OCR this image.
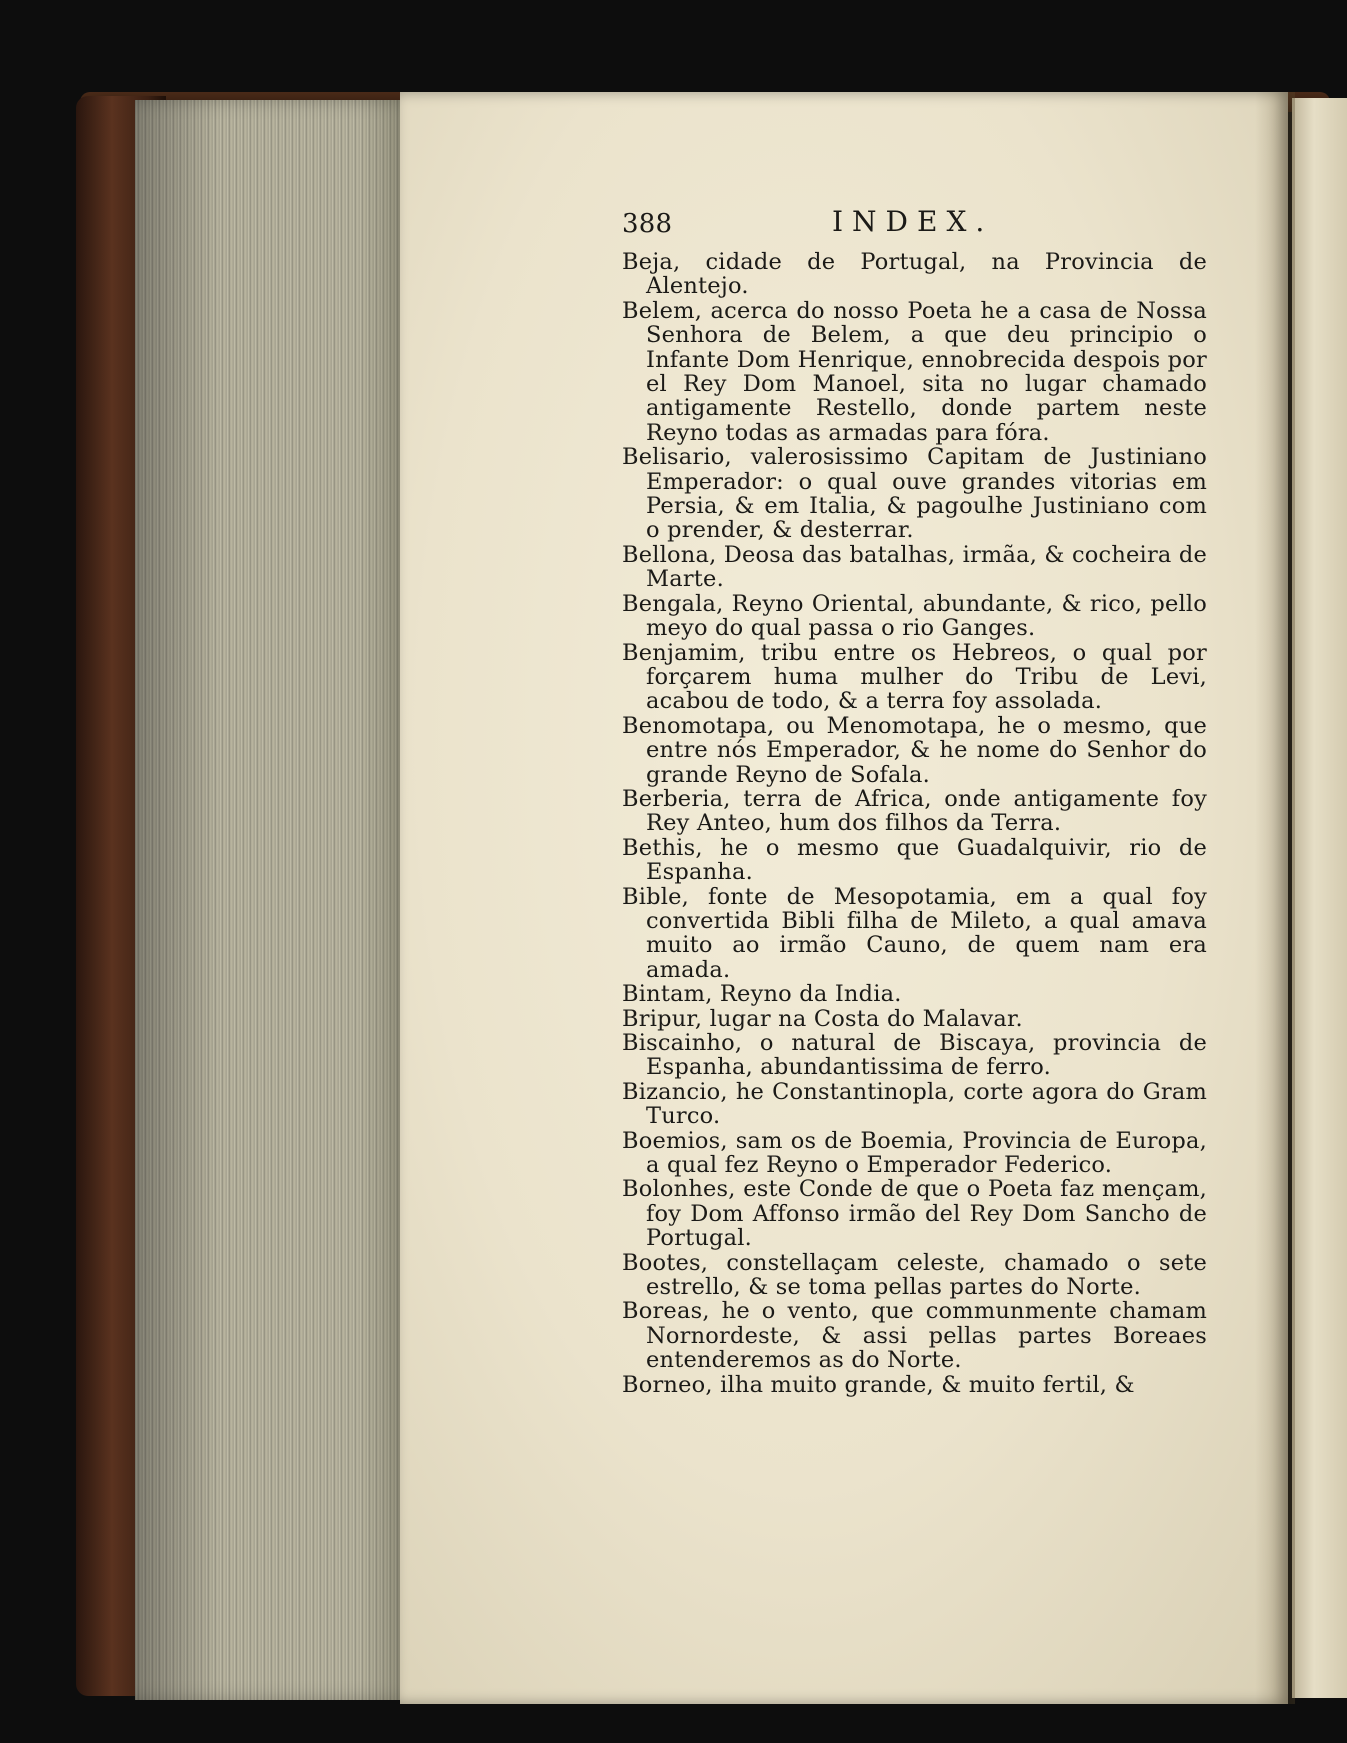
388	INDEX.
Beja, cidade de Portugal, na Provincia de Alentejo.
Belem, acerca do nosso Poeta he a casa de Nossa Senhora de Belem, a que deu principio o Infante Dom Henrique, ennobrecida despois por el Rey Dom Manoel, sita no lugar chamado antigamente Restello, donde partem neste Reyno todas as armadas para fóra.
Belisario, valerosissimo Capitam de Justiniano Emperador: o qual ouve grandes vitorias em Persia, & em Italia, & pagoulhe Justiniano com o prender, & desterrar.
Bellona, Deosa das batalhas, irmãa, & cocheira de Marte.
Bengala, Reyno Oriental, abundante, & rico, pello meyo do qual passa o rio Ganges.
Benjamim, tribu entre os Hebreos, o qual por forçarem huma mulher do Tribu de Levi, acabou de todo, & a terra foy assolada.
Benomotapa, ou Menomotapa, he o mesmo, que entre nós Emperador, & he nome do Senhor do grande Reyno de Sofala.
Berberia, terra de Africa, onde antigamente foy Rey Anteo, hum dos filhos da Terra.
Bethis, he o mesmo que Guadalquivir, rio de Espanha.
Bible, fonte de Mesopotamia, em a qual foy convertida Bibli filha de Mileto, a qual amava muito ao irmão Cauno, de quem nam era amada.
Bintam, Reyno da India.
Bripur, lugar na Costa do Malavar.
Biscainho, o natural de Biscaya, provincia de Espanha, abundantissima de ferro.
Bizancio, he Constantinopla, corte agora do Gram Turco.
Boemios, sam os de Boemia, Provincia de Europa, a qual fez Reyno o Emperador Federico.
Bolonhes, este Conde de que o Poeta faz mençam, foy Dom Affonso irmão del Rey Dom Sancho de Portugal.
Bootes, constellaçam celeste, chamado o sete estrello, & se toma pellas partes do Norte.
Boreas, he o vento, que communmente chamam Nornordeste, & assi pellas partes Boreaes entenderemos as do Norte.
Borneo, ilha muito grande, & muito fertil, &
